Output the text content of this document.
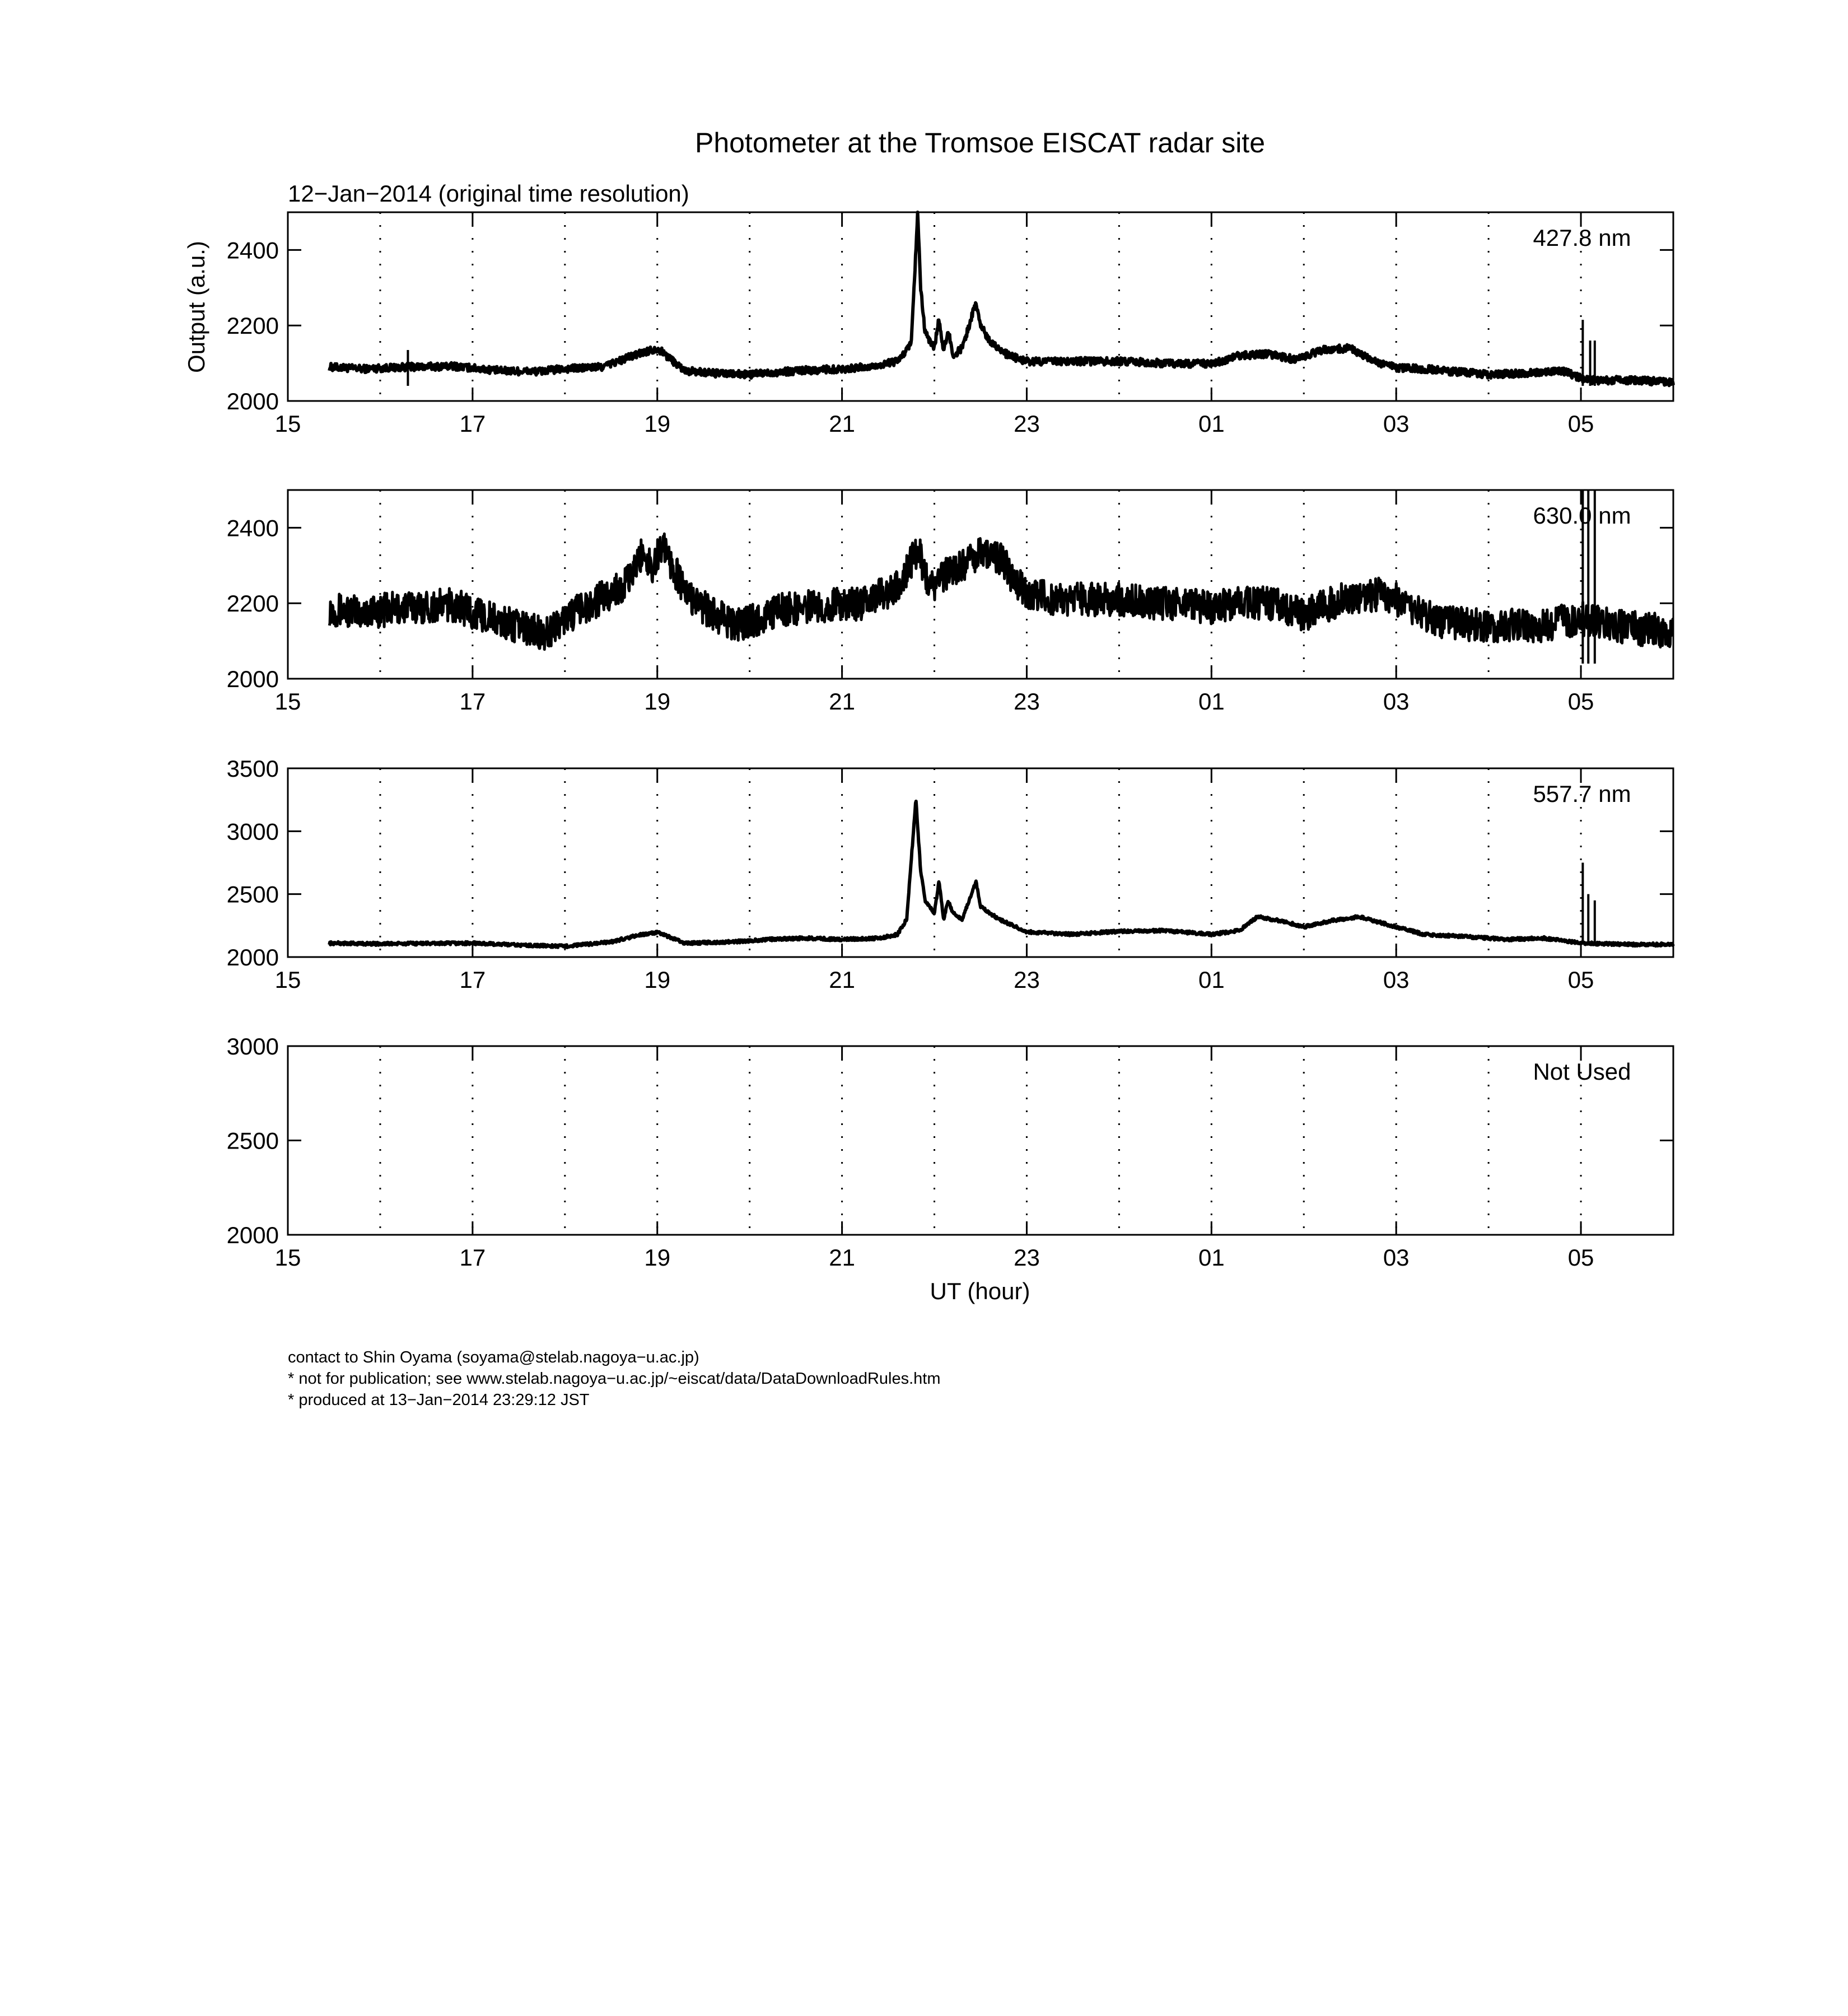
Photometer at the Tromsoe EISCAT radar site
12−Jan−2014 (original time resolution)
Output (a.u.)
UT (hour)
2000
2200
2400
15	17	19	21	23	01	03	05
427.8 nm
2000
2200
2400
15	17	19	21	23	01	03	05
630.0 nm
2000
2500
3000
3500
15	17	19	21	23	01	03	05
557.7 nm
2000
2500
3000
15	17	19	21	23	01	03	05
Not Used
contact to Shin Oyama (soyama@stelab.nagoya−u.ac.jp)
* not for publication; see www.stelab.nagoya−u.ac.jp/~eiscat/data/DataDownloadRules.htm
* produced at 13−Jan−2014 23:29:12 JST
